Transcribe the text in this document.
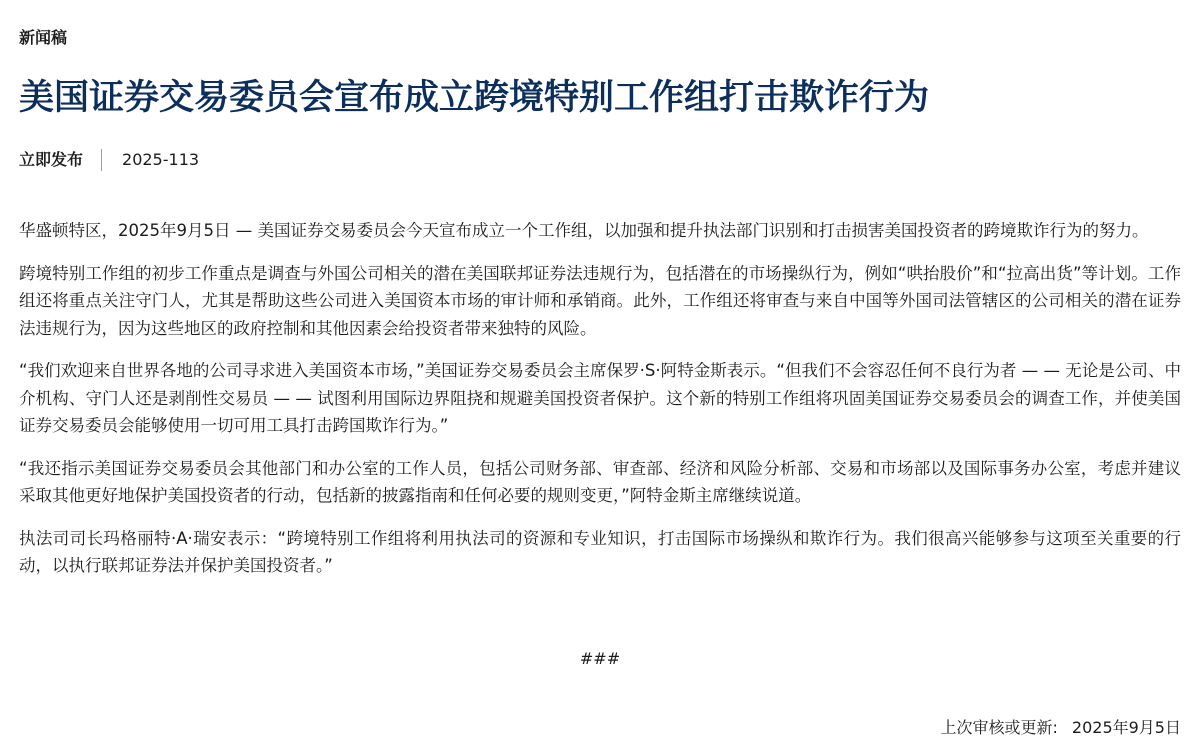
新闻稿
美国证券交易委员会宣布成立跨境特别工作组打击欺诈行为
立即发布 2025-113

华盛顿特区，2025年9月5日 — 美国证券交易委员会今天宣布成立一个工作组，以加强和提升执法部门识别和打击损害美国投资者的跨境欺诈行为的努力。

跨境特别工作组的初步工作重点是调查与外国公司相关的潜在美国联邦证券法违规行为，包括潜在的市场操纵行为，例如“哄抬股价”和“拉高出货”等计划。工作组还将重点关注守门人，尤其是帮助这些公司进入美国资本市场的审计师和承销商。此外，工作组还将审查与来自中国等外国司法管辖区的公司相关的潜在证券法违规行为，因为这些地区的政府控制和其他因素会给投资者带来独特的风险。

“我们欢迎来自世界各地的公司寻求进入美国资本市场，”美国证券交易委员会主席保罗·S·阿特金斯表示。“但我们不会容忍任何不良行为者 — — 无论是公司、中介机构、守门人还是剥削性交易员 — — 试图利用国际边界阻挠和规避美国投资者保护。这个新的特别工作组将巩固美国证券交易委员会的调查工作，并使美国证券交易委员会能够使用一切可用工具打击跨国欺诈行为。”

“我还指示美国证券交易委员会其他部门和办公室的工作人员，包括公司财务部、审查部、经济和风险分析部、交易和市场部以及国际事务办公室，考虑并建议采取其他更好地保护美国投资者的行动，包括新的披露指南和任何必要的规则变更，”阿特金斯主席继续说道。

执法司司长玛格丽特·A·瑞安表示：“跨境特别工作组将利用执法司的资源和专业知识，打击国际市场操纵和欺诈行为。我们很高兴能够参与这项至关重要的行动，以执行联邦证券法并保护美国投资者。”

###
上次审核或更新: 2025年9月5日
